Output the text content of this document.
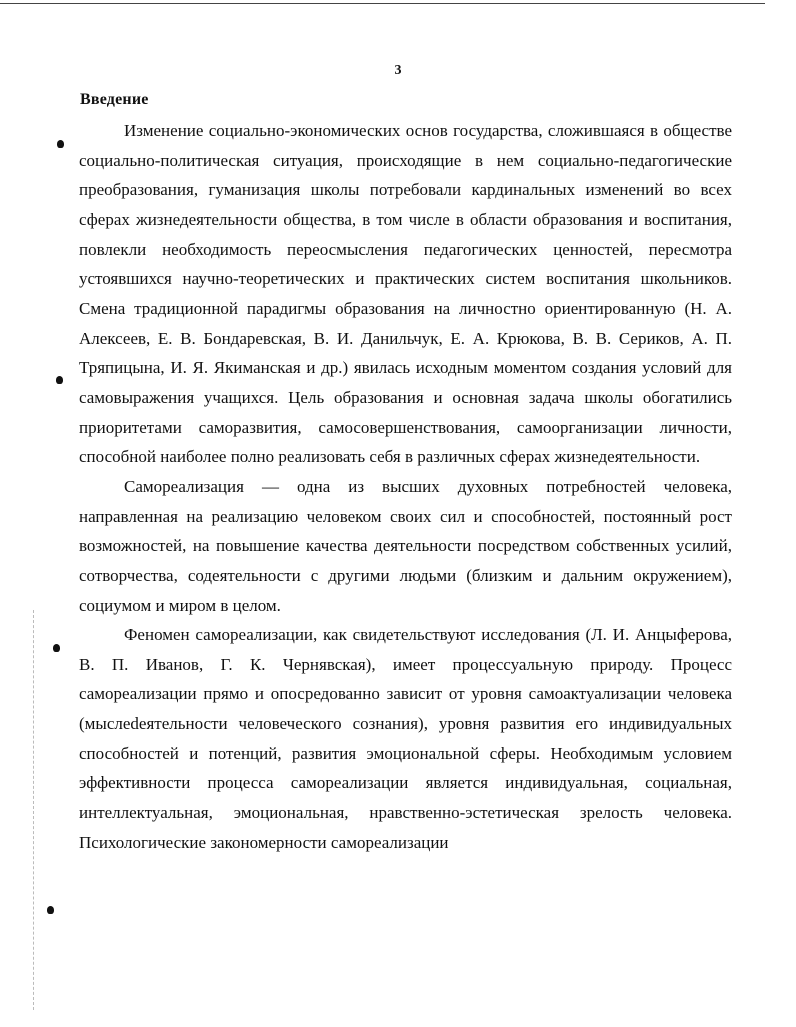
3
Введение

Изменение социально-экономических основ государства, сложившаяся в обществе социально-политическая ситуация, происходящие в нем социально-педагогические преобразования, гуманизация школы потребовали кардинальных изменений во всех сферах жизнедеятельности общества, в том числе в области образования и воспитания, повлекли необходимость переосмысления педагогических ценностей, пересмотра устоявшихся научно-теоретических и практических систем воспитания школьников. Смена традиционной парадигмы образования на личностно ориентированную (Н. А. Алексеев, Е. В. Бондаревская, В. И. Данильчук, Е. А. Крюкова, В. В. Сериков, А. П. Тряпицына, И. Я. Якиманская и др.) явилась исходным моментом создания условий для самовыражения учащихся. Цель образования и основная задача школы обогатились приоритетами саморазвития, самосовершенствования, самоорганизации личности, способной наиболее полно реализовать себя в различных сферах жизнедеятельности.

Самореализация — одна из высших духовных потребностей человека, направленная на реализацию человеком своих сил и способностей, постоянный рост возможностей, на повышение качества деятельности посредством собственных усилий, сотворчества, содеятельности с другими людьми (близким и дальним окружением), социумом и миром в целом.

Феномен самореализации, как свидетельствуют исследования (Л. И. Анцыферова, В. П. Иванов, Г. К. Чернявская), имеет процессуальную природу. Процесс самореализации прямо и опосредованно зависит от уровня самоактуализации человека (мыслedеятельности человеческого сознания), уровня развития его индивидуальных способностей и потенций, развития эмоциональной сферы. Необходимым условием эффективности процесса самореализации является индивидуальная, социальная, интеллектуальная, эмоциональная, нравственно-эстетическая зрелость человека. Психологические закономерности самореализации
